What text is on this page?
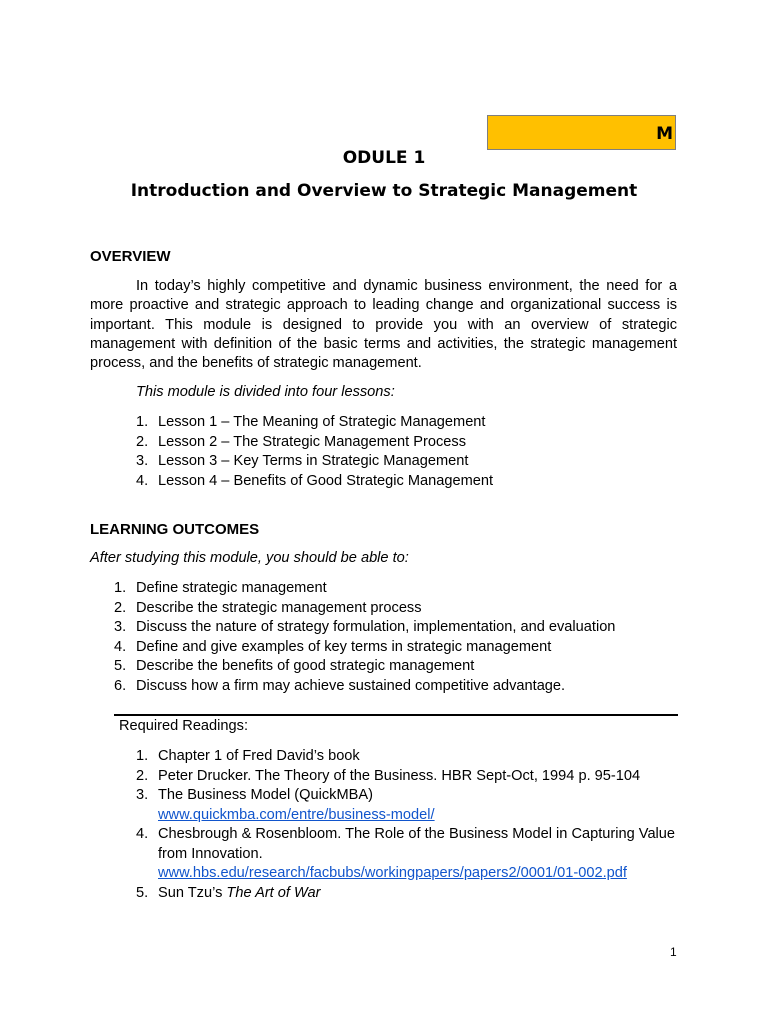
M
ODULE 1
Introduction and Overview to Strategic Management
OVERVIEW
In today’s highly competitive and dynamic business environment, the need for a more proactive and strategic approach to leading change and organizational success is important. This module is designed to provide you with an overview of strategic management with definition of the basic terms and activities, the strategic management process, and the benefits of strategic management.
This module is divided into four lessons:
1. Lesson 1 – The Meaning of Strategic Management
2. Lesson 2 – The Strategic Management Process
3. Lesson 3 – Key Terms in Strategic Management
4. Lesson 4 – Benefits of Good Strategic Management
LEARNING OUTCOMES
After studying this module, you should be able to:
1. Define strategic management
2. Describe the strategic management process
3. Discuss the nature of strategy formulation, implementation, and evaluation
4. Define and give examples of key terms in strategic management
5. Describe the benefits of good strategic management
6. Discuss how a firm may achieve sustained competitive advantage.
Required Readings:
1. Chapter 1 of Fred David’s book
2. Peter Drucker. The Theory of the Business. HBR Sept-Oct, 1994 p. 95-104
3. The Business Model (QuickMBA)
www.quickmba.com/entre/business-model/
4. Chesbrough & Rosenbloom. The Role of the Business Model in Capturing Value from Innovation.
www.hbs.edu/research/facbubs/workingpapers/papers2/0001/01-002.pdf
5. Sun Tzu’s The Art of War
1
